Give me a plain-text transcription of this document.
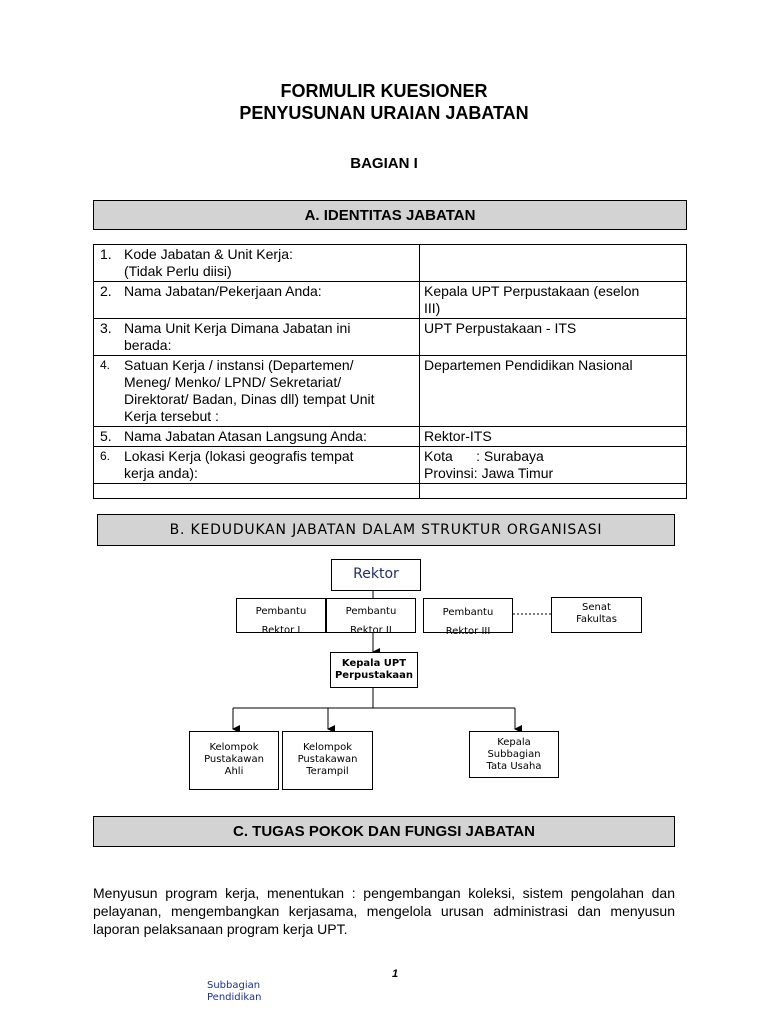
FORMULIR KUESIONER
PENYUSUNAN URAIAN JABATAN
BAGIAN I
A. IDENTITAS JABATAN
1. Kode Jabatan & Unit Kerja:
(Tidak Perlu diisi)	

2. Nama Jabatan/Pekerjaan Anda:	Kepala UPT Perpustakaan (eselon
III)

3. Nama Unit Kerja Dimana Jabatan ini
berada:	UPT Perpustakaan - ITS

4. Satuan Kerja / instansi (Departemen/
Meneg/ Menko/ LPND/ Sekretariat/
Direktorat/ Badan, Dinas dll) tempat Unit
Kerja tersebut :	Departemen Pendidikan Nasional

5. Nama Jabatan Atasan Langsung Anda:	Rektor-ITS

6. Lokasi Kerja (lokasi geografis tempat
kerja anda):	Kota      : Surabaya
Provinsi: Jawa Timur

B. KEDUDUKAN JABATAN DALAM STRUKTUR ORGANISASI
Rektor
Pembantu
Rektor I
Pembantu
Rektor II
Pembantu
Rektor III
Senat
Fakultas
Kepala UPT
Perpustakaan
Kelompok
Pustakawan
Ahli
Kelompok
Pustakawan
Terampil
Kepala
Subbagian
Tata Usaha
C. TUGAS POKOK DAN FUNGSI JABATAN
Menyusun program kerja, menentukan : pengembangan koleksi, sistem pengolahan dan pelayanan, mengembangkan kerjasama, mengelola urusan administrasi dan menyusun laporan pelaksanaan program kerja UPT.
1
Subbagian
Pendidikan
